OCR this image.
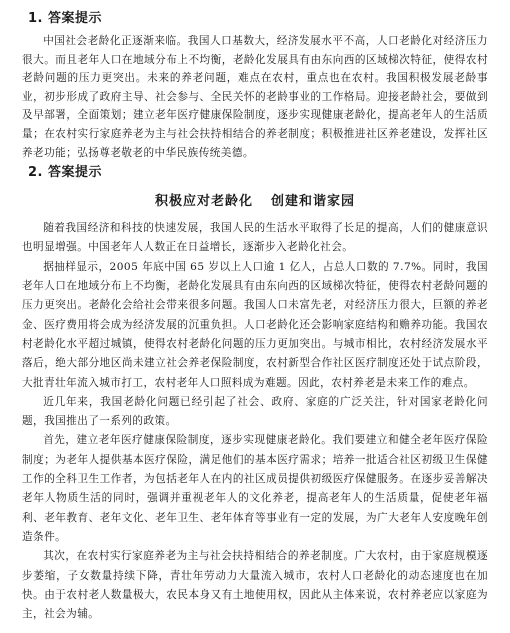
1. 答案提示

中国社会老龄化正逐渐来临。我国人口基数大，经济发展水平不高，人口老龄化对经济压力很大。而且老年人口在地域分布上不均衡，老龄化发展具有由东向西的区域梯次特征，使得农村老龄问题的压力更突出。未来的养老问题，难点在农村，重点也在农村。我国积极发展老龄事业，初步形成了政府主导、社会参与、全民关怀的老龄事业的工作格局。迎接老龄社会，要做到及早部署，全面策划；建立老年医疗健康保险制度，逐步实现健康老龄化，提高老年人的生活质量；在农村实行家庭养老为主与社会扶持相结合的养老制度；积极推进社区养老建设，发挥社区养老功能；弘扬尊老敬老的中华民族传统美德。

2. 答案提示
积极应对老龄化 创建和谐家园

随着我国经济和科技的快速发展，我国人民的生活水平取得了长足的提高，人们的健康意识也明显增强。中国老年人人数正在日益增长，逐渐步入老龄化社会。

据抽样显示，2005 年底中国 65 岁以上人口逾 1 亿人，占总人口数的 7.7%。同时，我国老年人口在地域分布上不均衡，老龄化发展具有由东向西的区域梯次特征，使得农村老龄问题的压力更突出。老龄化会给社会带来很多问题。我国人口未富先老，对经济压力很大，巨额的养老金、医疗费用将会成为经济发展的沉重负担。人口老龄化还会影响家庭结构和赡养功能。我国农村老龄化水平超过城镇，使得农村老龄化问题的压力更加突出。与城市相比，农村经济发展水平落后，绝大部分地区尚未建立社会养老保险制度，农村新型合作社区医疗制度还处于试点阶段，大批青壮年流入城市打工，农村老年人口照料成为难题。因此，农村养老是未来工作的难点。

近几年来，我国老龄化问题已经引起了社会、政府、家庭的广泛关注，针对国家老龄化问题，我国推出了一系列的政策。

首先，建立老年医疗健康保险制度，逐步实现健康老龄化。我们要建立和健全老年医疗保险制度；为老年人提供基本医疗保险，满足他们的基本医疗需求；培养一批适合社区初级卫生保健工作的全科卫生工作者，为包括老年人在内的社区成员提供初级医疗保健服务。在逐步妥善解决老年人物质生活的同时，强调并重视老年人的文化养老，提高老年人的生活质量，促使老年福利、老年教育、老年文化、老年卫生、老年体育等事业有一定的发展，为广大老年人安度晚年创造条件。

其次，在农村实行家庭养老为主与社会扶持相结合的养老制度。广大农村，由于家庭规模逐步萎缩，子女数量持续下降，青壮年劳动力大量流入城市，农村人口老龄化的动态速度也在加快。由于农村老人数量极大，农民本身又有土地使用权，因此从主体来说，农村养老应以家庭为主，社会为辅。
